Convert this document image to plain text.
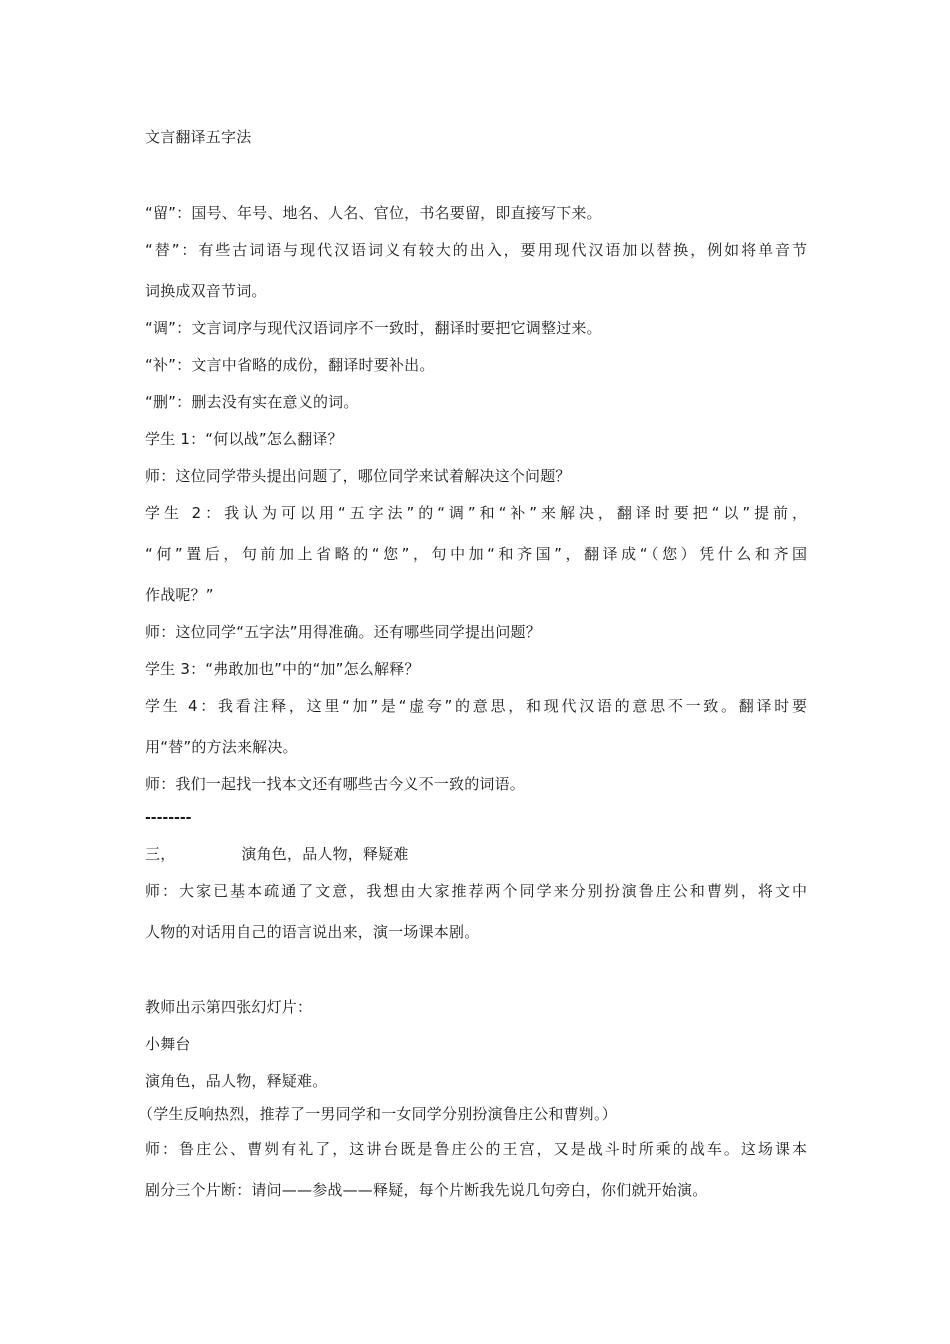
文言翻译五字法
“留”：国号、年号、地名、人名、官位，书名要留，即直接写下来。
“替”：有些古词语与现代汉语词义有较大的出入，要用现代汉语加以替换，例如将单音节
词换成双音节词。
“调”：文言词序与现代汉语词序不一致时，翻译时要把它调整过来。
“补”：文言中省略的成份，翻译时要补出。
“删”：删去没有实在意义的词。
学生 1：“何以战”怎么翻译？
师：这位同学带头提出问题了，哪位同学来试着解决这个问题？
学生 2：我认为可以用“五字法”的“调”和“补”来解决，翻译时要把“以”提前，
“何”置后，句前加上省略的“您”，句中加“和齐国”，翻译成“（您）凭什么和齐国
作战呢？”
师：这位同学“五字法”用得准确。还有哪些同学提出问题？
学生 3：“弗敢加也”中的“加”怎么解释？
学生 4：我看注释，这里“加”是“虚夸”的意思，和现代汉语的意思不一致。翻译时要
用“替”的方法来解决。
师：我们一起找一找本文还有哪些古今义不一致的词语。
--------
三，	演角色，品人物，释疑难
师：大家已基本疏通了文意，我想由大家推荐两个同学来分别扮演鲁庄公和曹刿，将文中
人物的对话用自己的语言说出来，演一场课本剧。
教师出示第四张幻灯片：
小舞台
演角色，品人物，释疑难。
（学生反响热烈，推荐了一男同学和一女同学分别扮演鲁庄公和曹刿。）
师：鲁庄公、曹刿有礼了，这讲台既是鲁庄公的王宫，又是战斗时所乘的战车。这场课本
剧分三个片断：请问——参战——释疑，每个片断我先说几句旁白，你们就开始演。
